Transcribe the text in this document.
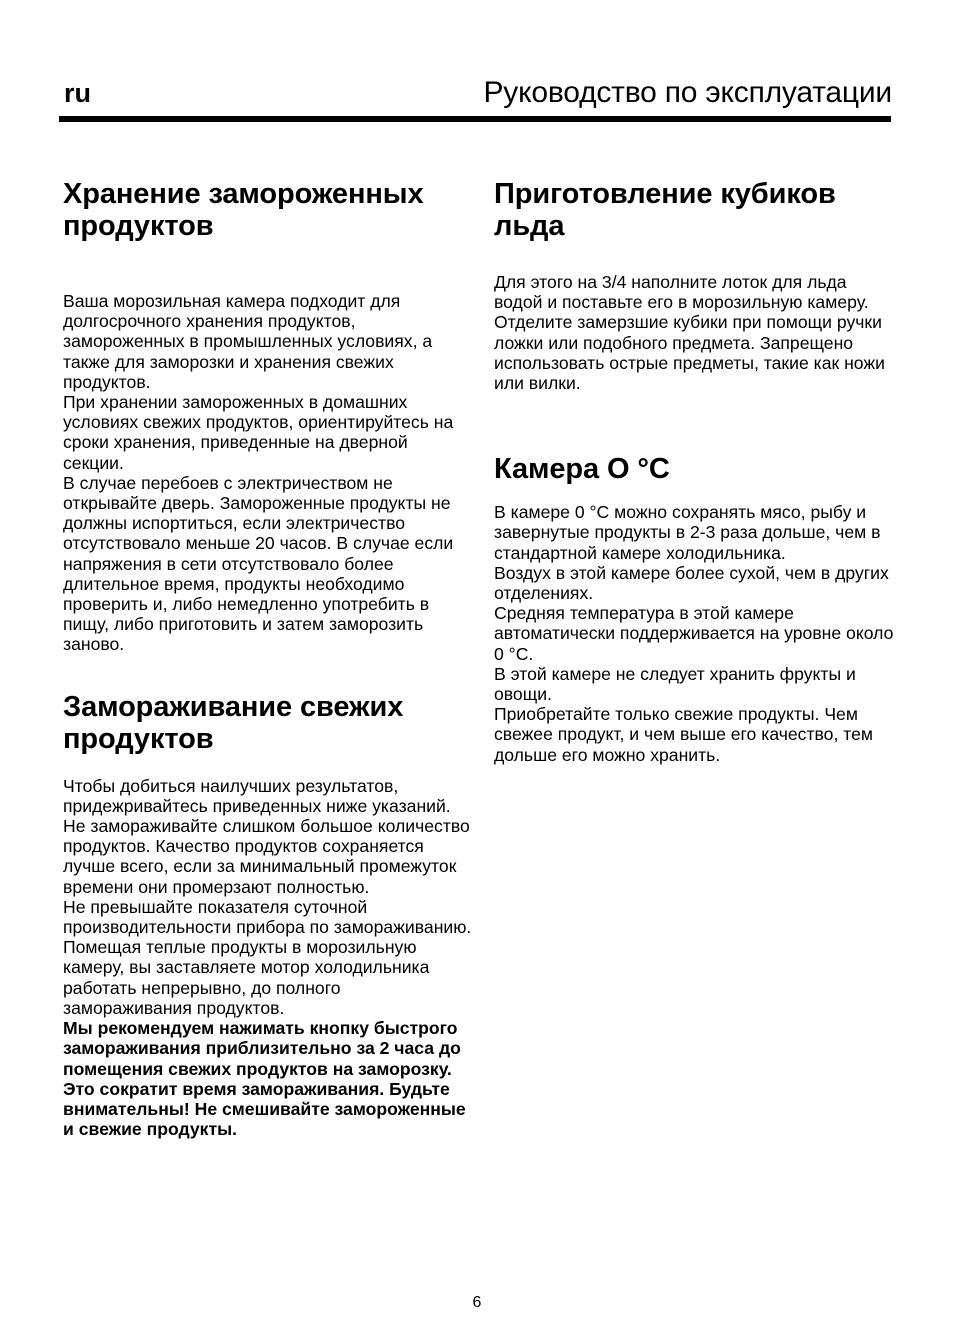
ru	Руководство по эксплуатации
Хранение замороженных продуктов

Ваша морозильная камера подходит для долгосрочного хранения продуктов, замороженных в промышленных условиях, а также для заморозки и хранения свежих продуктов.

При хранении замороженных в домашних условиях свежих продуктов, ориентируйтесь на сроки хранения, приведенные на дверной секции.

В случае перебоев с электричеством не открывайте дверь. Замороженные продукты не должны испортиться, если электричество отсутствовало меньше 20 часов. В случае если напряжения в сети отсутствовало более длительное время, продукты необходимо проверить и, либо немедленно употребить в пищу, либо приготовить и затем заморозить заново.

Замораживание свежих продуктов

Чтобы добиться наилучших результатов, придежривайтесь приведенных ниже указаний.

Не замораживайте слишком большое количество продуктов. Качество продуктов сохраняется лучше всего, если за минимальный промежуток времени они промерзают полностью.

Не превышайте показателя суточной производительности прибора по замораживанию.

Помещая теплые продукты в морозильную камеру, вы заставляете мотор холодильника работать непрерывно, до полного замораживания продуктов.

Мы рекомендуем нажимать кнопку быстрого замораживания приблизительно за 2 часа до помещения свежих продуктов на заморозку. Это сократит время замораживания. Будьте внимательны! Не смешивайте замороженные и свежие продукты.

Приготовление кубиков льда

Для этого на 3/4 наполните лоток для льда водой и поставьте его в морозильную камеру. Отделите замерзшие кубики при помощи ручки ложки или подобного предмета. Запрещено использовать острые предметы, такие как ножи или вилки.

Камера О °С

В камере 0 °С можно сохранять мясо, рыбу и завернутые продукты в 2-3 раза дольше, чем в стандартной камере холодильника.

Воздух в этой камере более сухой, чем в других отделениях.

Средняя температура в этой камере автоматически поддерживается на уровне около 0 °С.

В этой камере не следует хранить фрукты и овощи.

Приобретайте только свежие продукты. Чем свежее продукт, и чем выше его качество, тем дольше его можно хранить.

6
